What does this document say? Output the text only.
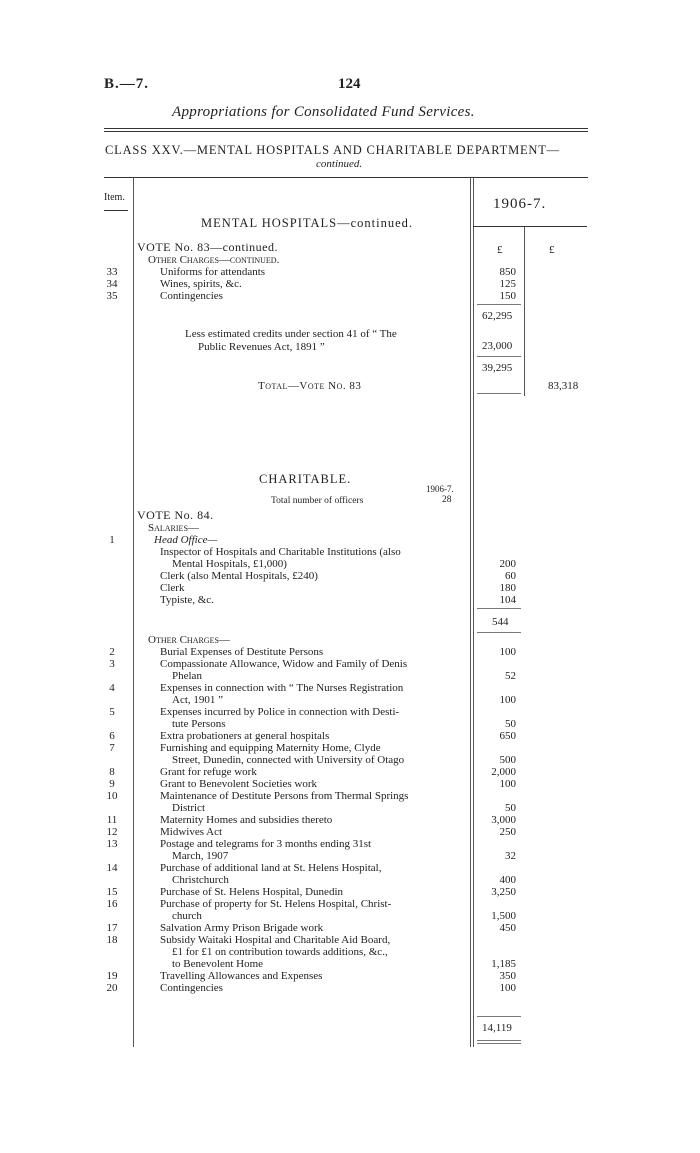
B.—7.	124
Appropriations for Consolidated Fund Services.
CLASS XXV.—MENTAL HOSPITALS AND CHARITABLE DEPARTMENT—
continued.
Item.	1906-7.
MENTAL HOSPITALS—continued.
VOTE No. 83—continued.
Other Charges—continued.
£	£
33	Uniforms for attendants	850
34	Wines, spirits, &c.	125
35	Contingencies	150
62,295
Less estimated credits under section 41 of “ The
Public Revenues Act, 1891 ”	23,000
39,295
Total—Vote No. 83	83,318
CHARITABLE.
1906-7.
Total number of officers	28
VOTE No. 84.
Salaries—
1	Head Office—
Inspector of Hospitals and Charitable Institutions (also
Mental Hospitals, £1,000)	200
Clerk (also Mental Hospitals, £240)	60
Clerk	180
Typiste, &c.	104
544
Other Charges—
2	Burial Expenses of Destitute Persons	100
3	Compassionate Allowance, Widow and Family of Denis
Phelan	52
4	Expenses in connection with “ The Nurses Registration
Act, 1901 ”	100
5	Expenses incurred by Police in connection with Desti-
tute Persons	50
6	Extra probationers at general hospitals	650
7	Furnishing and equipping Maternity Home, Clyde
Street, Dunedin, connected with University of Otago	500
8	Grant for refuge work	2,000
9	Grant to Benevolent Societies work	100
10	Maintenance of Destitute Persons from Thermal Springs
District	50
11	Maternity Homes and subsidies thereto	3,000
12	Midwives Act	250
13	Postage and telegrams for 3 months ending 31st
March, 1907	32
14	Purchase of additional land at St. Helens Hospital,
Christchurch	400
15	Purchase of St. Helens Hospital, Dunedin	3,250
16	Purchase of property for St. Helens Hospital, Christ-
church	1,500
17	Salvation Army Prison Brigade work	450
18	Subsidy Waitaki Hospital and Charitable Aid Board,
£1 for £1 on contribution towards additions, &c.,
to Benevolent Home	1,185
19	Travelling Allowances and Expenses	350
20	Contingencies	100
14,119
